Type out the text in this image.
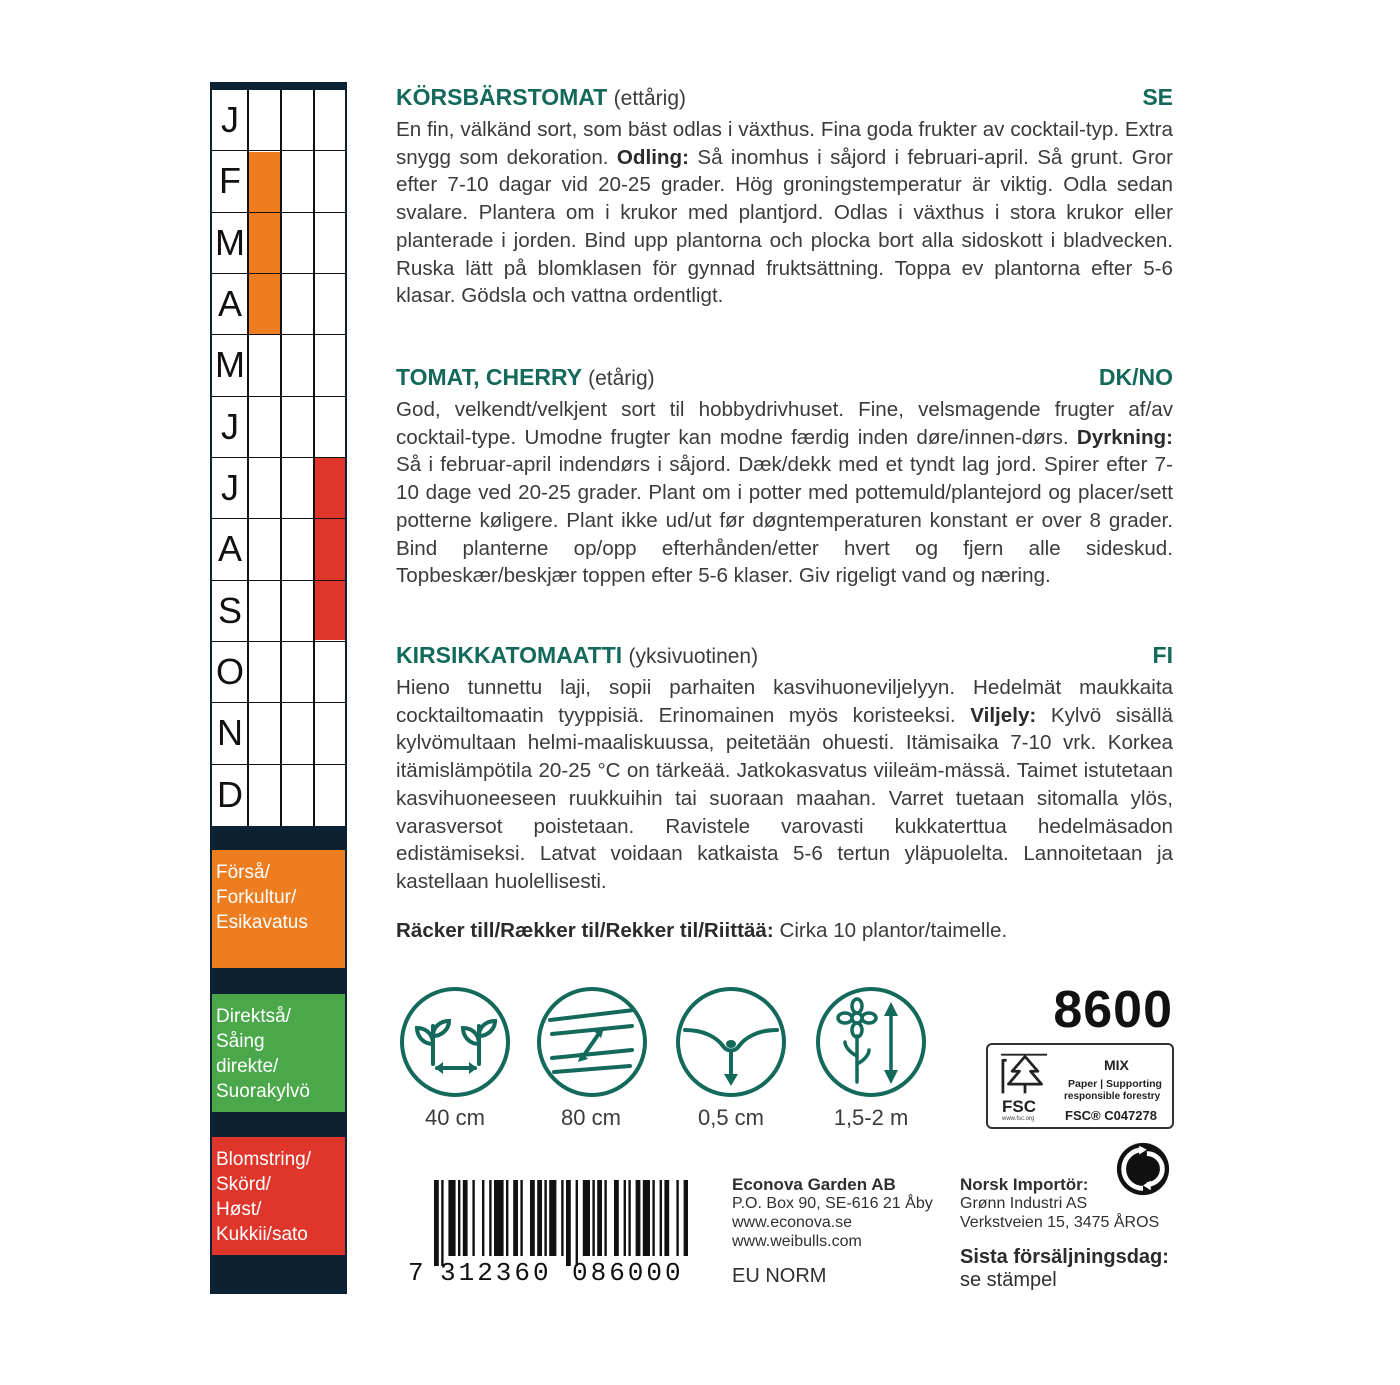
J
F
M
A
M
J
J
A
S
O
N
D
Förså/
Forkultur/
Esikavatus
Direktså/
Såing
direkte/
Suorakylvö
Blomstring/
Skörd/
Høst/
Kukkii/sato
KÖRSBÄRSTOMAT (ettårig)	SE

En fin, välkänd sort, som bäst odlas i växthus. Fina goda frukter av cocktail-typ. Extra snygg som dekoration. Odling: Så inomhus i såjord i februari-april. Så grunt. Gror efter 7-10 dagar vid 20-25 grader. Hög groningstemperatur är viktig. Odla sedan svalare. Plantera om i krukor med plantjord. Odlas i växthus i stora krukor eller planterade i jorden. Bind upp plantorna och plocka bort alla sidoskott i bladvecken. Ruska lätt på blomklasen för gynnad fruktsättning. Toppa ev plantorna efter 5-6 klasar. Gödsla och vattna ordentligt.

TOMAT, CHERRY (etårig)	DK/NO

God, velkendt/velkjent sort til hobbydrivhuset. Fine, velsmagende frugter af/av cocktail-type. Umodne frugter kan modne færdig inden døre/innen-dørs. Dyrkning: Så i februar-april indendørs i såjord. Dæk/dekk med et tyndt lag jord. Spirer efter 7-10 dage ved 20-25 grader. Plant om i potter med pottemuld/plantejord og placer/sett potterne køligere. Plant ikke ud/ut før døgntemperaturen konstant er over 8 grader. Bind planterne op/opp efterhånden/etter hvert og fjern alle sideskud. Topbeskær/beskjær toppen efter 5-6 klaser. Giv rigeligt vand og næring.

KIRSIKKATOMAATTI (yksivuotinen)	FI

Hieno tunnettu laji, sopii parhaiten kasvihuoneviljelyyn. Hedelmät maukkaita cocktailtomaatin tyyppisiä. Erinomainen myös koristeeksi. Viljely: Kylvö sisällä kylvömultaan helmi-maaliskuussa, peitetään ohuesti. Itämisaika 7-10 vrk. Korkea itämislämpötila 20-25 °C on tärkeää. Jatkokasvatus viileäm-mässä. Taimet istutetaan kasvihuoneeseen ruukkuihin tai suoraan maahan. Varret tuetaan sitomalla ylös, varasversot poistetaan. Ravistele varovasti kukkaterttua hedelmäsadon edistämiseksi. Latvat voidaan katkaista 5-6 tertun yläpuolelta. Lannoitetaan ja kastellaan huolellisesti.

Räcker till/Rækker til/Rekker til/Riittää: Cirka 10 plantor/taimelle.
40 cm	80 cm	0,5 cm	1,5-2 m
8600
FSC
www.fsc.org
MIX
Paper | Supporting
responsible forestry
FSC® C047278
7 312360 086000
Econova Garden AB
P.O. Box 90, SE-616 21 Åby
www.econova.se
www.weibulls.com
EU NORM
Norsk Importör:
Grønn Industri AS
Verkstveien 15, 3475 ÅROS
Sista försäljningsdag:
se stämpel
